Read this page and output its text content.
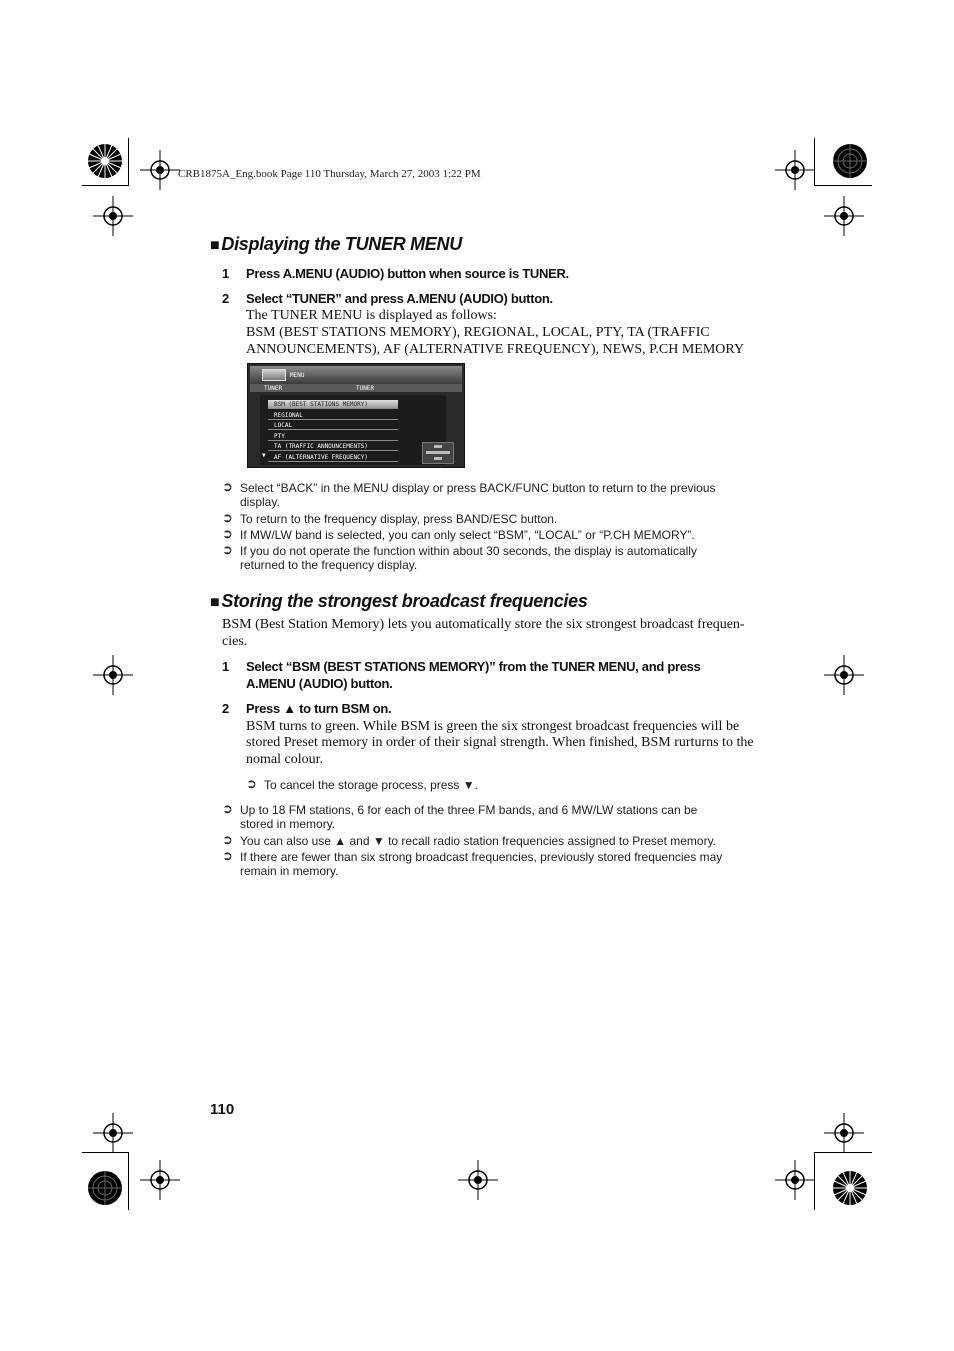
CRB1875A_Eng.book Page 110 Thursday, March 27, 2003 1:22 PM
■ Displaying the TUNER MENU
1 Press A.MENU (AUDIO) button when source is TUNER.
2 Select “TUNER” and press A.MENU (AUDIO) button.
The TUNER MENU is displayed as follows:
BSM (BEST STATIONS MEMORY), REGIONAL, LOCAL, PTY, TA (TRAFFIC
ANNOUNCEMENTS), AF (ALTERNATIVE FREQUENCY), NEWS, P.CH MEMORY
MENU
TUNER	TUNER
BSM (BEST STATIONS MEMORY)
REGIONAL
LOCAL
PTY
TA (TRAFFIC ANNOUNCEMENTS)
AF (ALTERNATIVE FREQUENCY)
▼
➲ Select “BACK” in the MENU display or press BACK/FUNC button to return to the previous
display.
➲ To return to the frequency display, press BAND/ESC button.
➲ If MW/LW band is selected, you can only select “BSM”, “LOCAL” or “P.CH MEMORY”.
➲ If you do not operate the function within about 30 seconds, the display is automatically
returned to the frequency display.
■ Storing the strongest broadcast frequencies
BSM (Best Station Memory) lets you automatically store the six strongest broadcast frequen-
cies.
1 Select “BSM (BEST STATIONS MEMORY)” from the TUNER MENU, and press
A.MENU (AUDIO) button.
2 Press ▲ to turn BSM on.
BSM turns to green. While BSM is green the six strongest broadcast frequencies will be
stored Preset memory in order of their signal strength. When finished, BSM rurturns to the
nomal colour.
➲ To cancel the storage process, press ▼.
➲ Up to 18 FM stations, 6 for each of the three FM bands, and 6 MW/LW stations can be
stored in memory.
➲ You can also use ▲ and ▼ to recall radio station frequencies assigned to Preset memory.
➲ If there are fewer than six strong broadcast frequencies, previously stored frequencies may
remain in memory.
110
